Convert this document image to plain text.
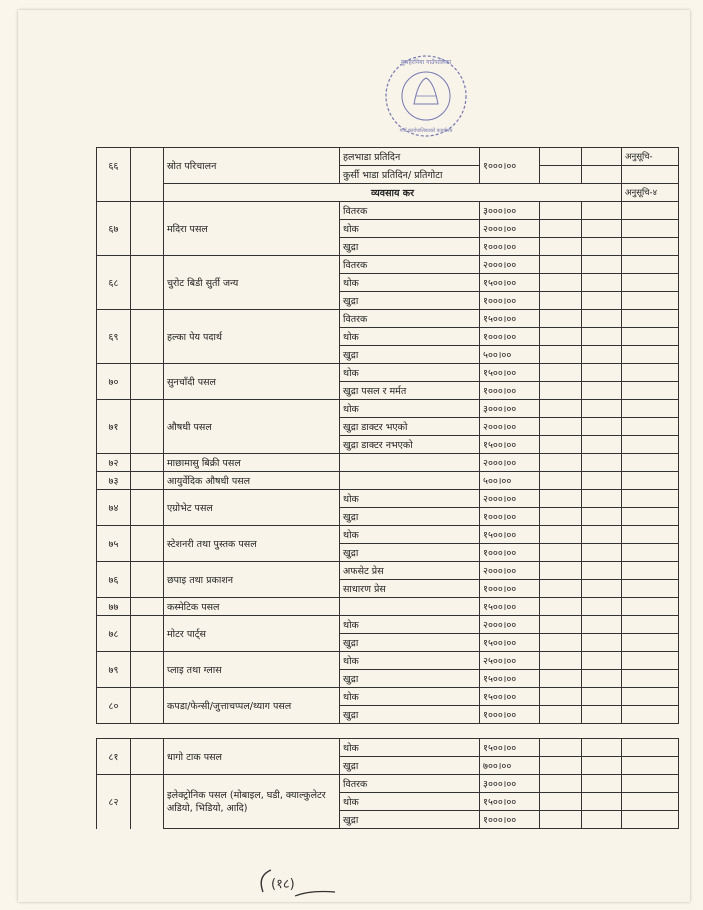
मुसहरनिया गाउँपालिका
गाउँ कार्यपालिकाको कार्यालय
६६		स्रोत परिचालन	हलभाडा प्रतिदिन	१०००।००			अनुसूचि-
			कुर्सी भाडा प्रतिदिन/ प्रतिगोटा				
		व्यवसाय कर					अनुसूचि-४
६७		मदिरा पसल	वितरक	३०००।००			
			थोक	२०००।००			
			खुद्रा	१०००।००			
६८		चुरोट बिडी सुर्ती जन्य	वितरक	२०००।००			
			थोक	१५००।००			
			खुद्रा	१०००।००			
६९		हल्का पेय पदार्थ	वितरक	१५००।००			
			थोक	१०००।००			
			खुद्रा	५००।००			
७०		सुनचाँदी पसल	थोक	१५००।००			
			खुद्रा पसल र मर्मत	१०००।००			
७१		औषधी पसल	थोक	३०००।००			
			खुद्रा डाक्टर भएको	२०००।००			
			खुद्रा डाक्टर नभएको	१५००।००			
७२		माछामासु बिक्री पसल		२०००।००			
७३		आयुर्वेदिक औषधी पसल		५००।००			
७४		एग्रोभेट पसल	थोक	२०००।००			
			खुद्रा	१०००।००			
७५		स्टेशनरी तथा पुस्तक पसल	थोक	१५००।००			
			खुद्रा	१०००।००			
७६		छपाइ तथा प्रकाशन	अफसेट प्रेस	२०००।००			
			साधारण प्रेस	१०००।००			
७७		कस्मेटिक पसल		१५००।००			
७८		मोटर पार्ट्स	थोक	२०००।००			
			खुद्रा	१५००।००			
७९		प्लाइ तथा ग्लास	थोक	२५००।००			
			खुद्रा	१५००।००			
८०		कपडा/फेन्सी/जुत्ताचप्पल/थ्याग पसल	थोक	१५००।००			
			खुद्रा	१०००।००			

८१		धागो टाक पसल	थोक	१५००।००			
			खुद्रा	७००।००			
८२		इलेक्ट्रोनिक पसल (मोबाइल, घडी, क्याल्कुलेटर अडियो, भिडियो, आदि)	वितरक	३०००।००			
			थोक	१५००।००			
			खुद्रा	१०००।००			
(१८)
